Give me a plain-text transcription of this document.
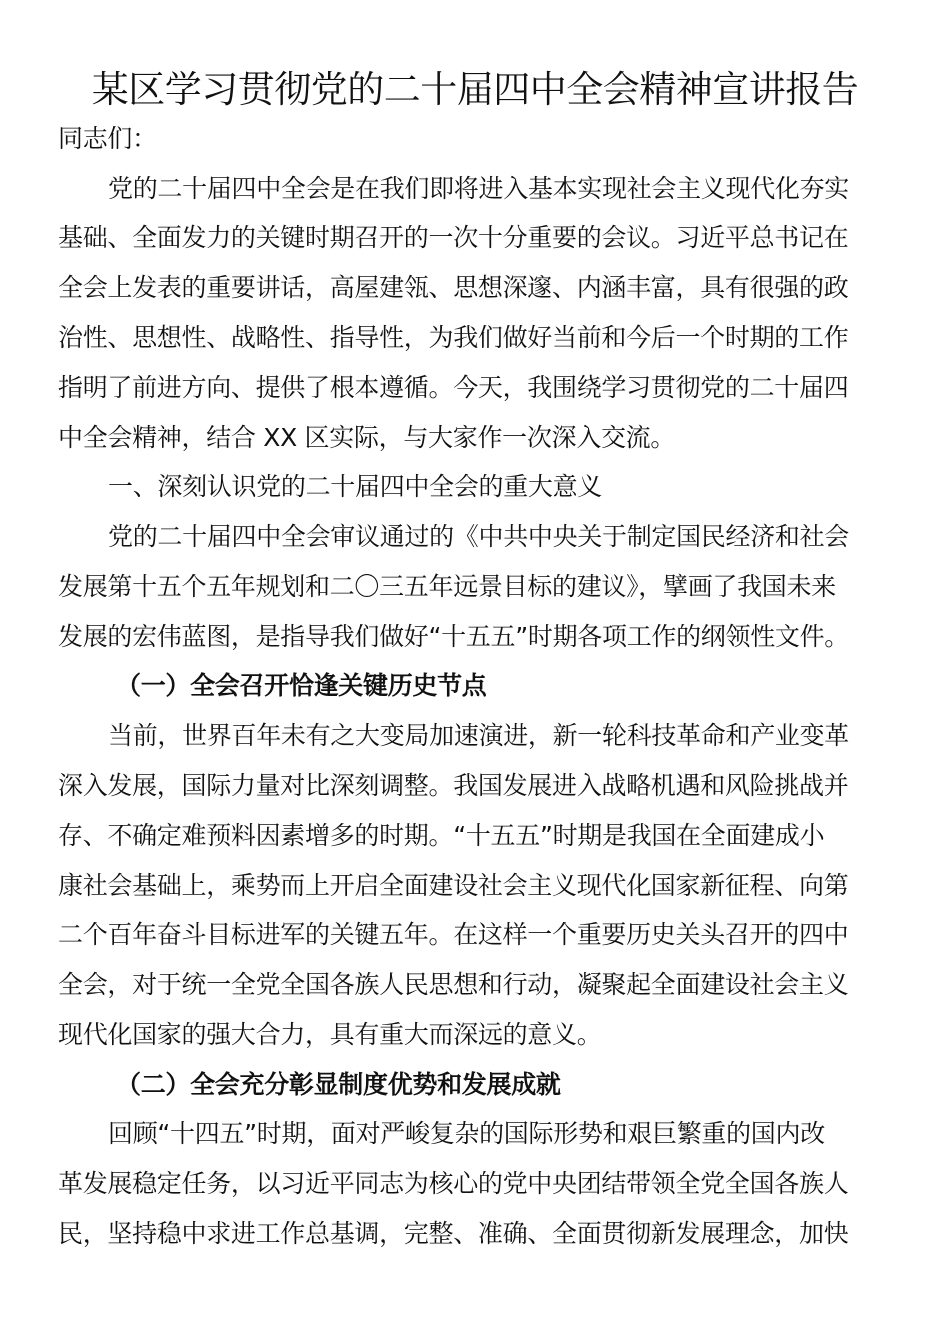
某区学习贯彻党的二十届四中全会精神宣讲报告
同志们：
党的二十届四中全会是在我们即将进入基本实现社会主义现代化夯实
基础、全面发力的关键时期召开的一次十分重要的会议。习近平总书记在
全会上发表的重要讲话，高屋建瓴、思想深邃、内涵丰富，具有很强的政
治性、思想性、战略性、指导性，为我们做好当前和今后一个时期的工作
指明了前进方向、提供了根本遵循。今天，我围绕学习贯彻党的二十届四
中全会精神，结合 XX 区实际，与大家作一次深入交流。
一、深刻认识党的二十届四中全会的重大意义
党的二十届四中全会审议通过的《中共中央关于制定国民经济和社会
发展第十五个五年规划和二〇三五年远景目标的建议》，擘画了我国未来
发展的宏伟蓝图，是指导我们做好“十五五”时期各项工作的纲领性文件。
（一）全会召开恰逢关键历史节点
当前，世界百年未有之大变局加速演进，新一轮科技革命和产业变革
深入发展，国际力量对比深刻调整。我国发展进入战略机遇和风险挑战并
存、不确定难预料因素增多的时期。“十五五”时期是我国在全面建成小
康社会基础上，乘势而上开启全面建设社会主义现代化国家新征程、向第
二个百年奋斗目标进军的关键五年。在这样一个重要历史关头召开的四中
全会，对于统一全党全国各族人民思想和行动，凝聚起全面建设社会主义
现代化国家的强大合力，具有重大而深远的意义。
（二）全会充分彰显制度优势和发展成就
回顾“十四五”时期，面对严峻复杂的国际形势和艰巨繁重的国内改
革发展稳定任务，以习近平同志为核心的党中央团结带领全党全国各族人
民，坚持稳中求进工作总基调，完整、准确、全面贯彻新发展理念，加快
